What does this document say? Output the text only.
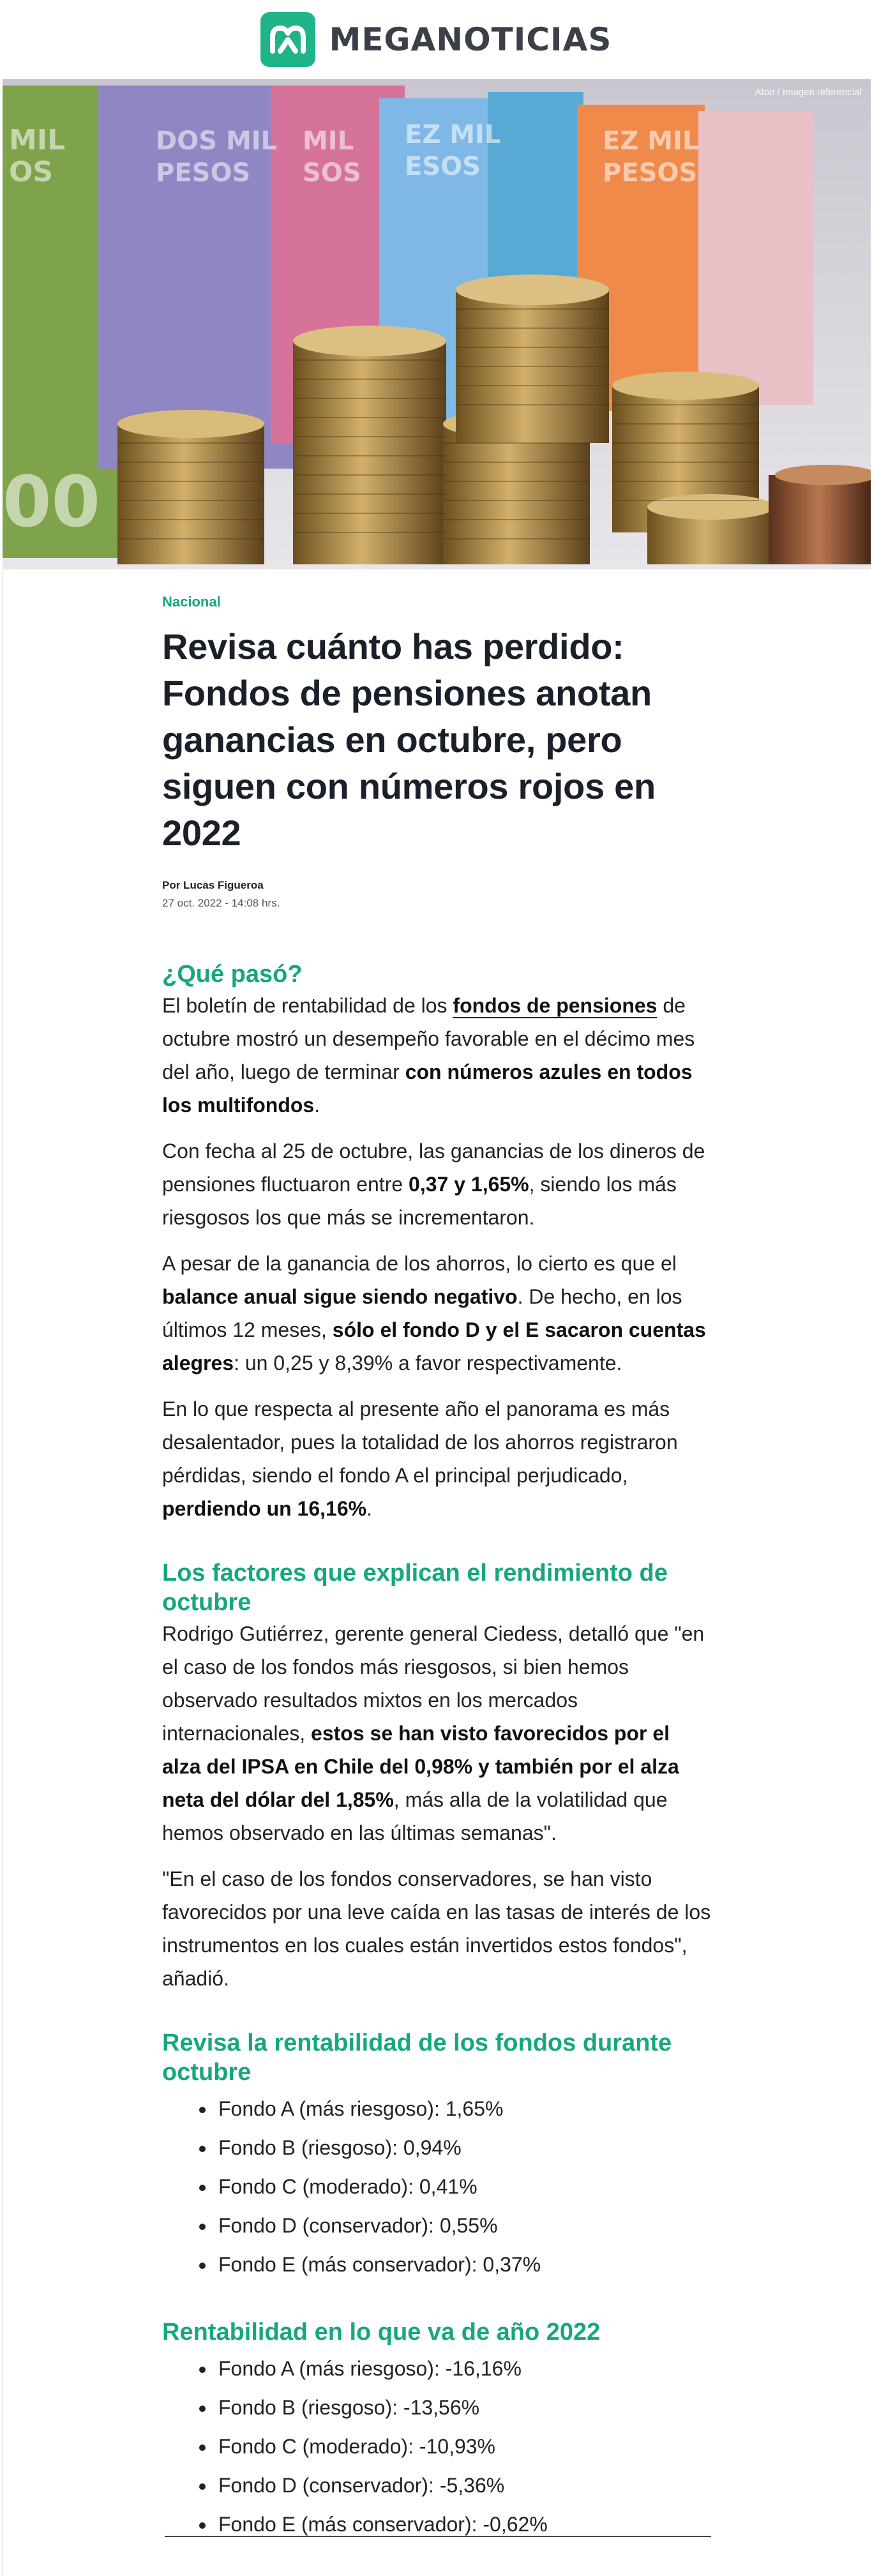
MEGANOTICIAS
MIL
OS
DOS MIL
PESOS
MIL
SOS
EZ MIL
ESOS
EZ MIL
PESOS
00
Aton / Imagen referencial
Nacional
Revisa cuánto has perdido: Fondos de pensiones anotan ganancias en octubre, pero siguen con números rojos en 2022
Por Lucas Figueroa
27 oct. 2022 - 14:08 hrs.
¿Qué pasó?

El boletín de rentabilidad de los fondos de pensiones de octubre mostró un desempeño favorable en el décimo mes del año, luego de terminar con números azules en todos los multifondos.

Con fecha al 25 de octubre, las ganancias de los dineros de pensiones fluctuaron entre 0,37 y 1,65%, siendo los más riesgosos los que más se incrementaron.

A pesar de la ganancia de los ahorros, lo cierto es que el balance anual sigue siendo negativo. De hecho, en los últimos 12 meses, sólo el fondo D y el E sacaron cuentas alegres: un 0,25 y 8,39% a favor respectivamente.

En lo que respecta al presente año el panorama es más desalentador, pues la totalidad de los ahorros registraron pérdidas, siendo el fondo A el principal perjudicado, perdiendo un 16,16%.

Los factores que explican el rendimiento de octubre

Rodrigo Gutiérrez, gerente general Ciedess, detalló que "en el caso de los fondos más riesgosos, si bien hemos observado resultados mixtos en los mercados internacionales, estos se han visto favorecidos por el alza del IPSA en Chile del 0,98% y también por el alza neta del dólar del 1,85%, más alla de la volatilidad que hemos observado en las últimas semanas".

"En el caso de los fondos conservadores, se han visto favorecidos por una leve caída en las tasas de interés de los instrumentos en los cuales están invertidos estos fondos", añadió.

Revisa la rentabilidad de los fondos durante octubre
Fondo A (más riesgoso): 1,65%
Fondo B (riesgoso): 0,94%
Fondo C (moderado): 0,41%
Fondo D (conservador): 0,55%
Fondo E (más conservador): 0,37%
Rentabilidad en lo que va de año 2022
Fondo A (más riesgoso): -16,16%
Fondo B (riesgoso): -13,56%
Fondo C (moderado): -10,93%
Fondo D (conservador): -5,36%
Fondo E (más conservador): -0,62%
